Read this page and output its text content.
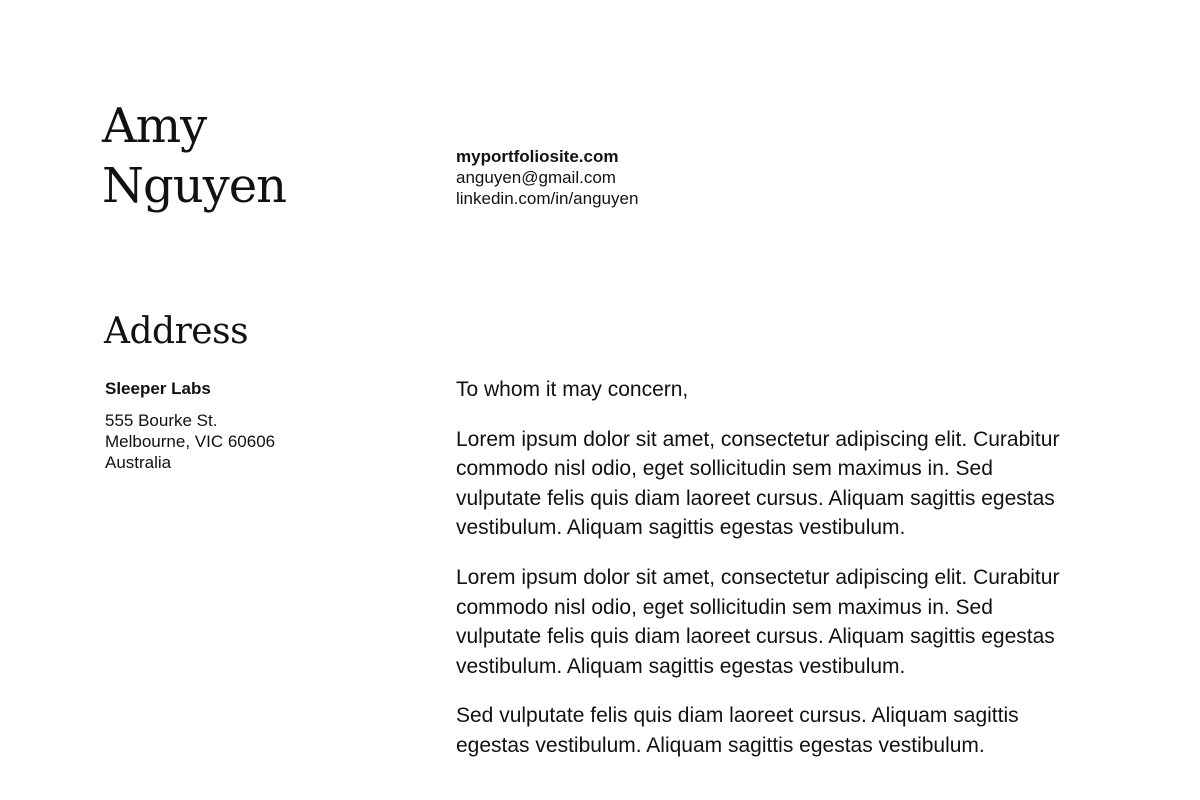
Amy
Nguyen
myportfoliosite.com
anguyen@gmail.com
linkedin.com/in/anguyen
Address
Sleeper Labs
555 Bourke St.
Melbourne, VIC 60606
Australia

To whom it may concern,

Lorem ipsum dolor sit amet, consectetur adipiscing elit. Curabitur commodo nisl odio, eget sollicitudin sem maximus in. Sed vulputate felis quis diam laoreet cursus. Aliquam sagittis egestas vestibulum. Aliquam sagittis egestas vestibulum.

Lorem ipsum dolor sit amet, consectetur adipiscing elit. Curabitur commodo nisl odio, eget sollicitudin sem maximus in. Sed vulputate felis quis diam laoreet cursus. Aliquam sagittis egestas vestibulum. Aliquam sagittis egestas vestibulum.

Sed vulputate felis quis diam laoreet cursus. Aliquam sagittis egestas vestibulum. Aliquam sagittis egestas vestibulum.
